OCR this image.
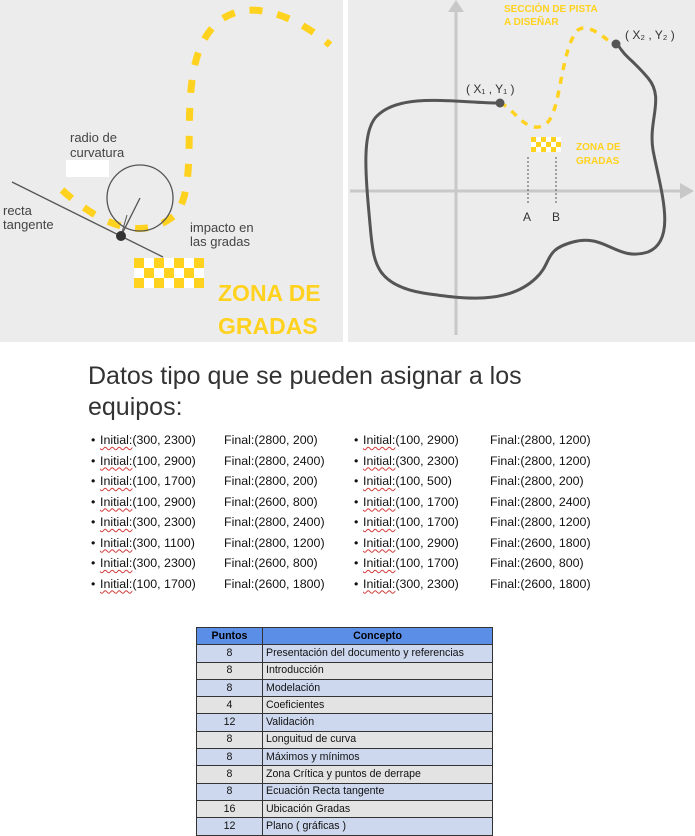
radio de curvatura
recta tangente	impacto en las gradas
ZONA DE GRADAS
SECCIÓN DE PISTA A DISEÑAR
( X₁ , Y₁ )
( X₂ , Y₂ )
ZONA DE GRADAS
A B
Datos tipo que se pueden asignar a los equipos:
• Initial:(300, 2300) Final:(2800, 200)
• Initial:(100, 2900) Final:(2800, 2400)
• Initial:(100, 1700) Final:(2800, 200)
• Initial:(100, 2900) Final:(2600, 800)
• Initial:(300, 2300) Final:(2800, 2400)
• Initial:(300, 1100) Final:(2800, 1200)
• Initial:(300, 2300) Final:(2600, 800)
• Initial:(100, 1700) Final:(2600, 1800)
• Initial:(100, 2900)	Final:(2800, 1200)
• Initial:(300, 2300)	Final:(2800, 1200)
• Initial:(100, 500)	Final:(2800, 200)
• Initial:(100, 1700)	Final:(2800, 2400)
• Initial:(100, 1700)	Final:(2800, 1200)
• Initial:(100, 2900)	Final:(2600, 1800)
• Initial:(100, 1700)	Final:(2600, 800)
• Initial:(300, 2300)	Final:(2600, 1800)
Puntos	Concepto
8	Presentación del documento y referencias
8	Introducción
8	Modelación
4	Coeficientes
12	Validación
8	Longuitud de curva
8	Máximos y mínimos
8	Zona Crítica y puntos de derrape
8	Ecuación Recta tangente
16	Ubicación Gradas
12	Plano ( gráficas )
